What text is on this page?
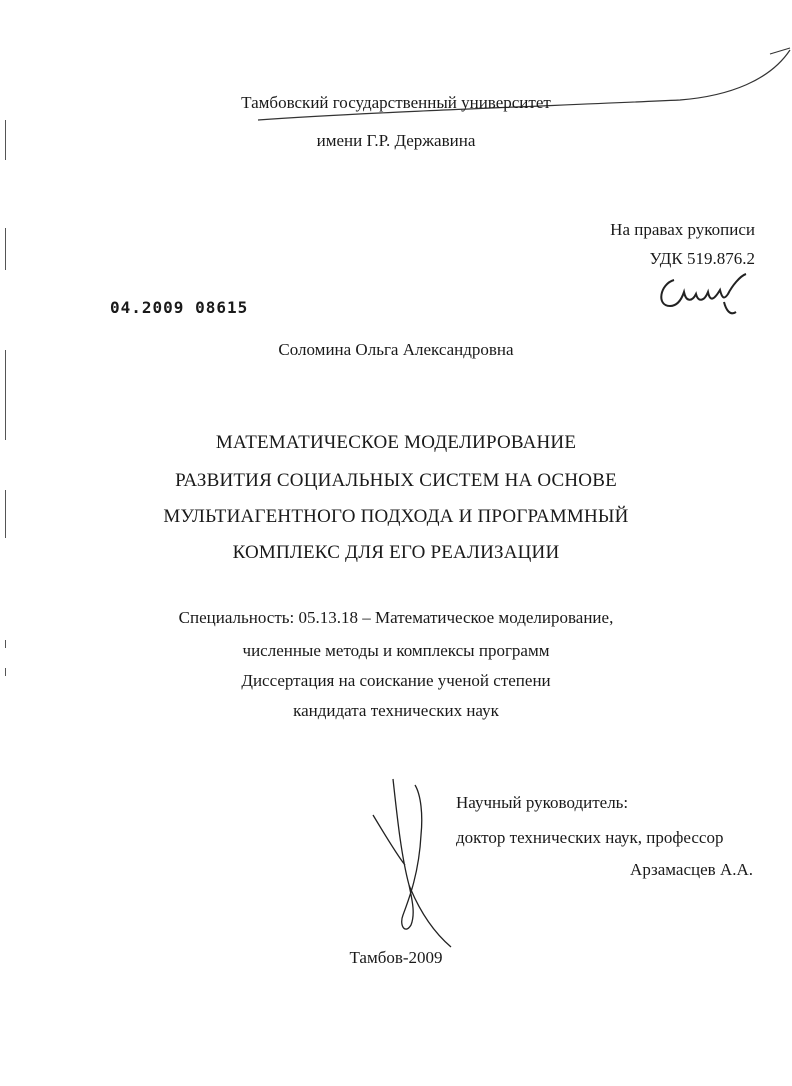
Тамбовский государственный университет
имени Г.Р. Державина
На правах рукописи
УДК 519.876.2
04.2009 08615
Соломина Ольга Александровна
МАТЕМАТИЧЕСКОЕ МОДЕЛИРОВАНИЕ
РАЗВИТИЯ СОЦИАЛЬНЫХ СИСТЕМ НА ОСНОВЕ
МУЛЬТИАГЕНТНОГО ПОДХОДА И ПРОГРАММНЫЙ
КОМПЛЕКС ДЛЯ ЕГО РЕАЛИЗАЦИИ
Специальность: 05.13.18 – Математическое моделирование,
численные методы и комплексы программ
Диссертация на соискание ученой степени
кандидата технических наук
Научный руководитель:
доктор технических наук, профессор
Арзамасцев А.А.
Тамбов-2009
